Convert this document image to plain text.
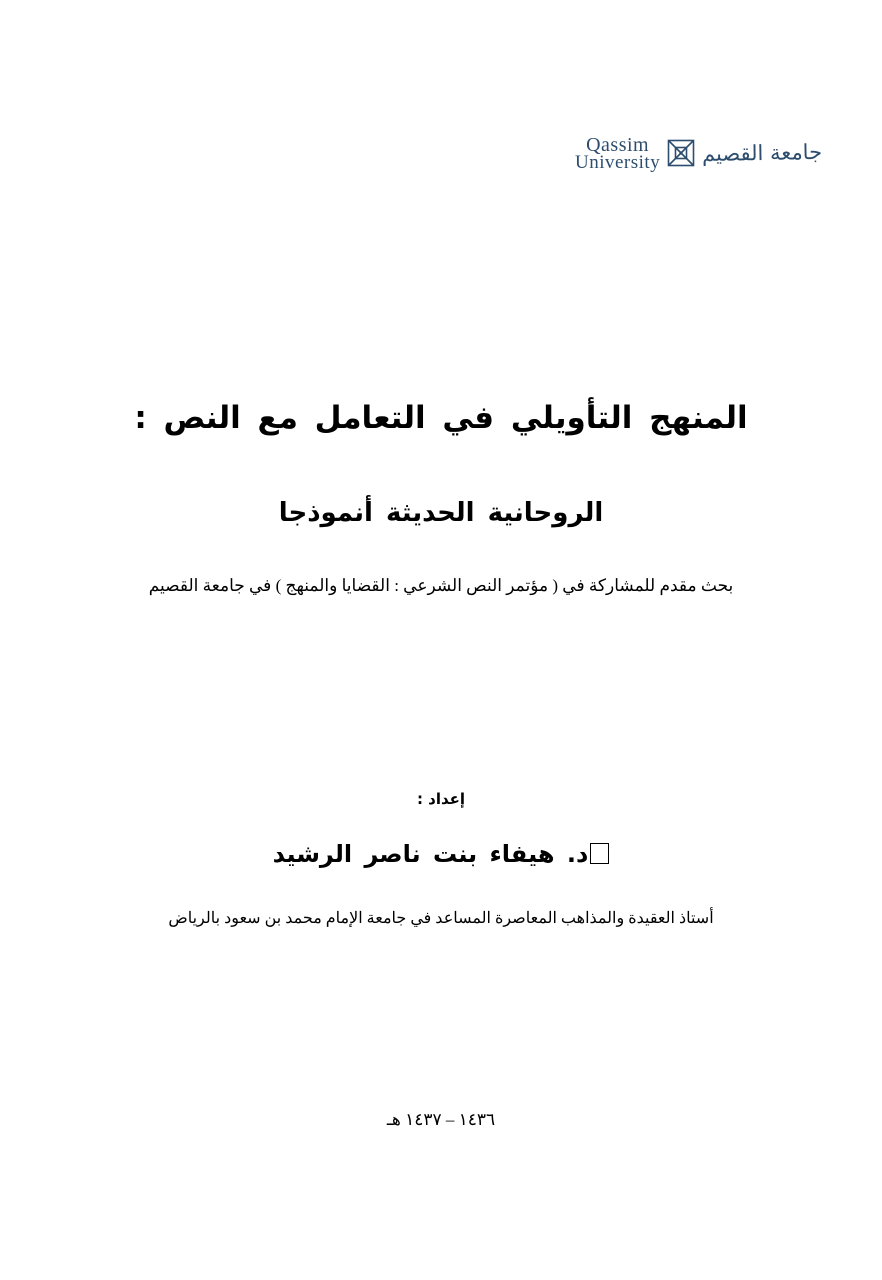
Qassim
University جامعة القصيم
المنهج التأويلي في التعامل مع النص :
الروحانية الحديثة أنموذجا
بحث مقدم للمشاركة في ( مؤتمر النص الشرعي : القضايا والمنهج ) في جامعة القصيم
إعداد :
د. هيفاء بنت ناصر الرشيد
أستاذ العقيدة والمذاهب المعاصرة المساعد في جامعة الإمام محمد بن سعود بالرياض
١٤٣٦ – ١٤٣٧ هـ
